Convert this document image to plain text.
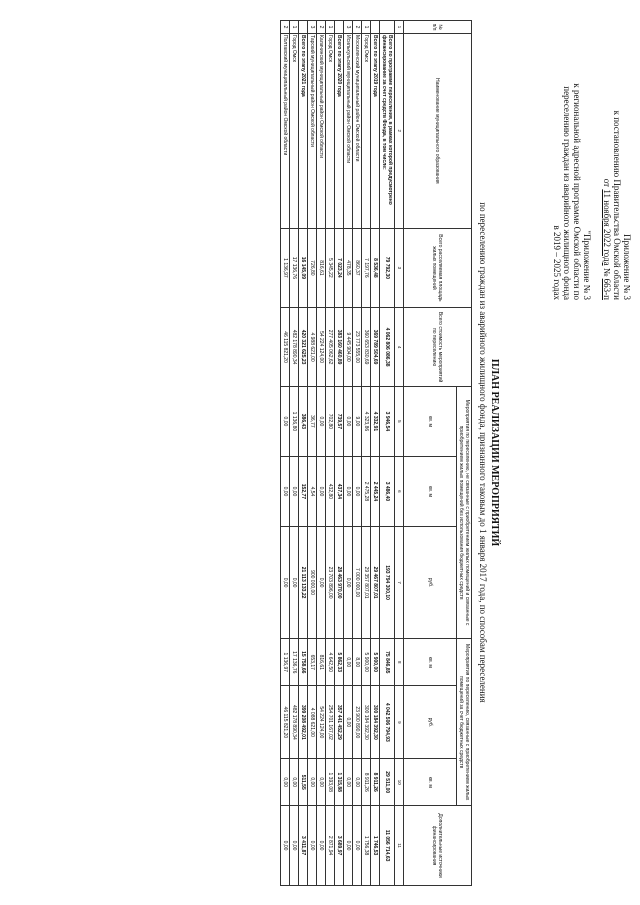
Приложение № 3
к постановлению Правительства Омской области
от 11 ноября 2022 года № 663-п
"Приложение № 3
к региональной адресной программе Омской области по
переселению граждан из аварийного жилищного фонда
в 2019 – 2025 годах
ПЛАН РЕАЛИЗАЦИИ МЕРОПРИЯТИЙ
по переселению граждан из аварийного жилищного фонда, признанного таковым до 1 января 2017 года, по способам переселения
№ п/п	Наименование муниципального образования	Всего расселяемая площадь жилых помещений	Всего стоимость мероприятий по переселению	Мероприятия по переселению, не связанные с приобретением жилых помещений и связанные с приобретением жилых помещений без использования бюджетных средств			Мероприятия по переселению, связанные с приобретением жилых помещений за счет бюджетных средств			Дополнительные источники финансирования
				кв. м	кв. м	руб.	кв. м	руб.	кв. м	
1	2	3	4	5	6	7	8	9	10	11
	Всего по программе переселения, в рамках которой предусмотрено финансирование за счет средств Фонда, в том числе:	79 792,30	4 062 806 086,38	3 946,54	3 486,40	193 794 300,10	75 846,85	4 042 506 794,93	29 511,00	11 056 714,63
	Всего по этапу 2019 года	8 536,48	369 789 504,69	4 332,91	2 445,24	29 467 807,01	5 900,00	300 184 392,30	8 911,26	1 746,53
1	Город Омск	7 197,76	360 653 830,69	4 323,86	2 475,28	29 357 807,01	5 900,00	300 184 392,30	8 911,26	1 756,38
2	Москаленский муниципальный район Омской области	860,37	23 773 555,00	9,00	0,00	7 000 000,00	8,00	23 900 890,00	0,00	0,00
3	Исилькульский муниципальный район Омской области	478,35	9 445 904,00	0,00	0,00	0,00	0,00	0,00	0,00	0,00
	Всего по этапу 2020 года	7 023,24	383 160 460,89	739,57	437,34	28 463 970,00	5 862,33	357 441 452,29	1 315,88	3 689,97
1	Город Омск	5 345,22	277 405 062,62	702,80	432,80	23 703 896,00	4 642,50	254 701 167,02	1 393,08	2 871,94
2	Калачинский муниципальный район Омской области	816,61	54 224 124,00	0,00	0,00	0,00	816,61	54 224 124,00	0,00	0,00
3	Тарский муниципальный район Омской области	726,80	4 988 621,00	36,77	4,54	900 000,00	653,17	4 088 621,00	0,00	0,00
	Всего по этапу 2021 года	16 145,09	420 321 625,23	386,43	152,77	21 113 133,22	15 758,66	399 208 492,01	511,55	3 411,87
1	Город Омск	17 136,76	482 178 890,34	1 136,80	0,00	0,00	17 136,76	482 178 890,34	0,00	0,00
2	Полтавский муниципальный район Омской области	1 136,97	46 115 821,20	0,00	0,00	0,00	1 136,97	46 115 821,20	0,00	0,00
